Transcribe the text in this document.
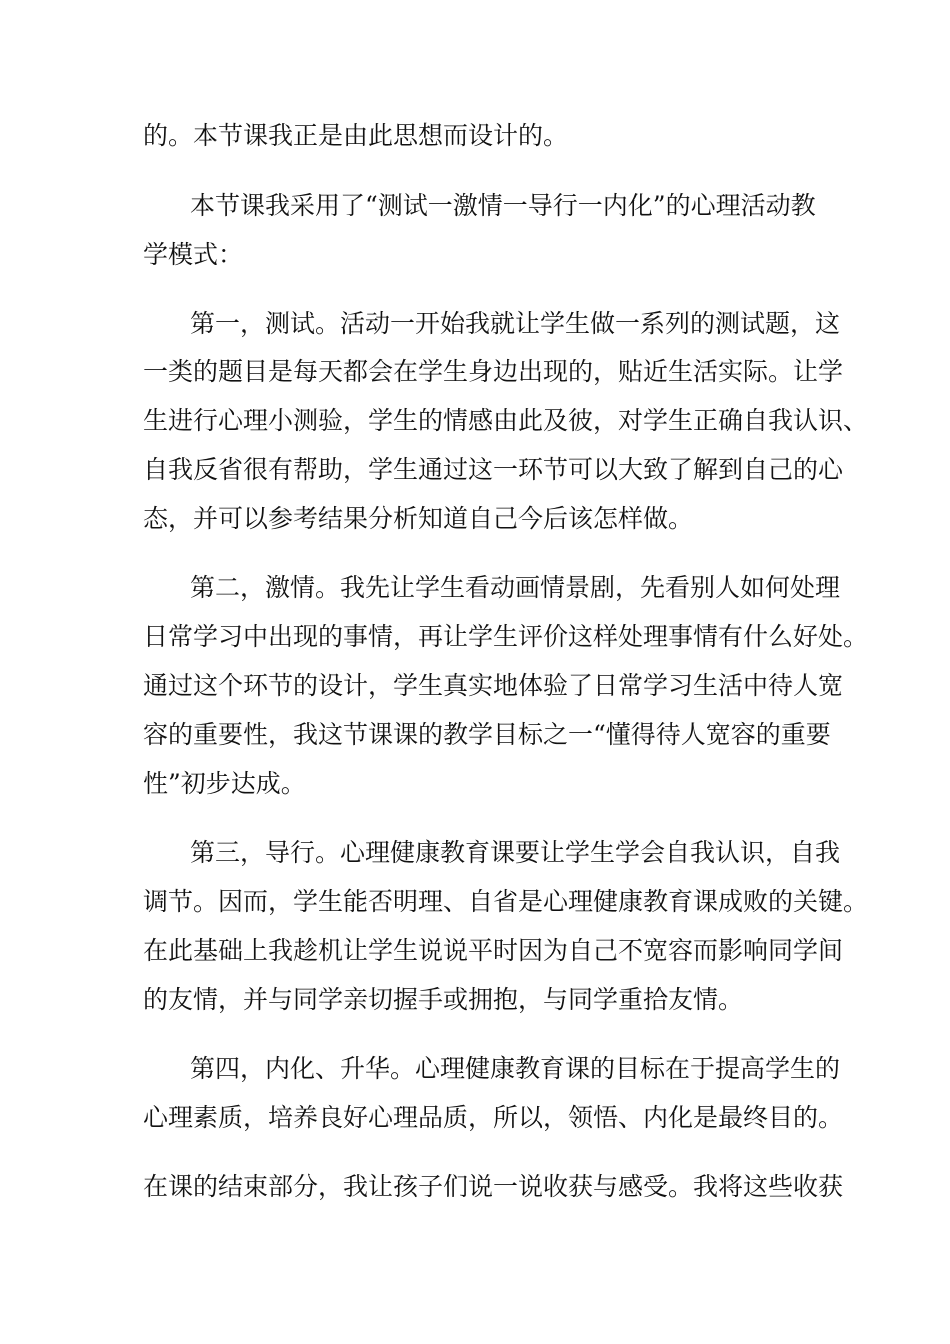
的。本节课我正是由此思想而设计的。

本节课我采用了“测试一激情一导行一内化”的心理活动教

学模式：

第一，测试。活动一开始我就让学生做一系列的测试题，这

一类的题目是每天都会在学生身边出现的，贴近生活实际。让学

生进行心理小测验，学生的情感由此及彼，对学生正确自我认识、

自我反省很有帮助，学生通过这一环节可以大致了解到自己的心

态，并可以参考结果分析知道自己今后该怎样做。

第二，激情。我先让学生看动画情景剧，先看别人如何处理

日常学习中出现的事情，再让学生评价这样处理事情有什么好处。

通过这个环节的设计，学生真实地体验了日常学习生活中待人宽

容的重要性，我这节课课的教学目标之一“懂得待人宽容的重要

性”初步达成。

第三，导行。心理健康教育课要让学生学会自我认识，自我

调节。因而，学生能否明理、自省是心理健康教育课成败的关键。

在此基础上我趁机让学生说说平时因为自己不宽容而影响同学间

的友情，并与同学亲切握手或拥抱，与同学重拾友情。

第四，内化、升华。心理健康教育课的目标在于提高学生的

心理素质，培养良好心理品质，所以，领悟、内化是最终目的。

在课的结束部分，我让孩子们说一说收获与感受。我将这些收获
